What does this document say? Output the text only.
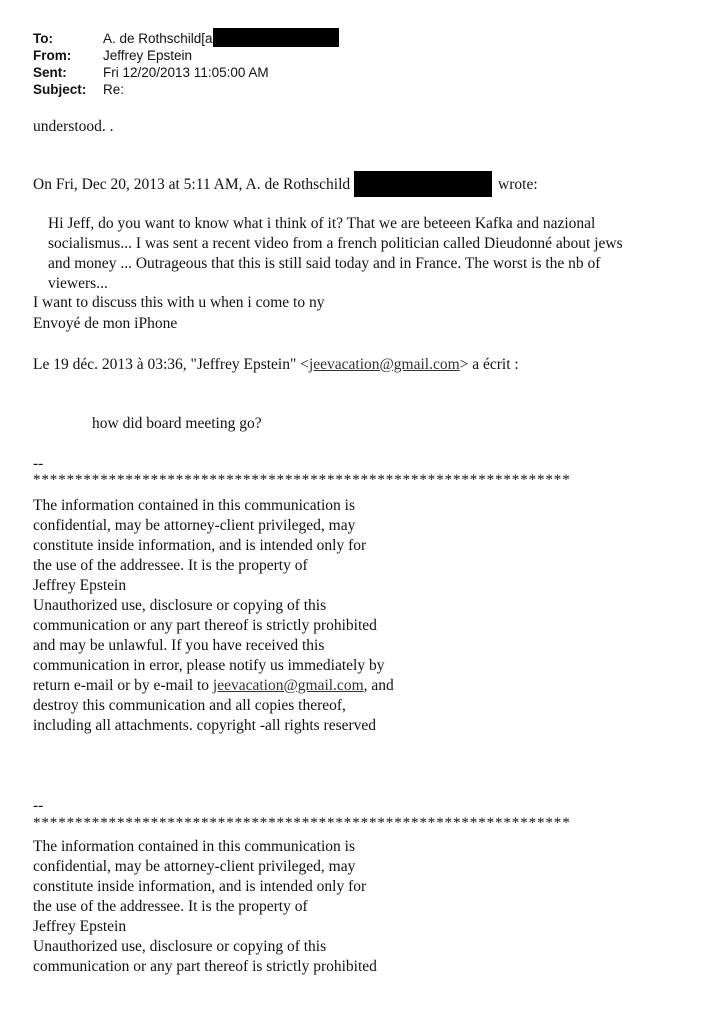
To:	A. de Rothschild[a
From: Jeffrey Epstein
Sent:	Fri 12/20/2013 11:05:00 AM
Subject: Re:
understood. .
On Fri, Dec 20, 2013 at 5:11 AM, A. de Rothschild	wrote:
Hi Jeff, do you want to know what i think of it? That we are beteeen Kafka and nazional
socialismus... I was sent a recent video from a french politician called Dieudonné about jews
and money ... Outrageous that this is still said today and in France. The worst is the nb of
viewers...
I want to discuss this with u when i come to ny
Envoyé de mon iPhone
Le 19 déc. 2013 à 03:36, "Jeffrey Epstein" <jeevacation@gmail.com> a écrit :
how did board meeting go?
--
****************************************************************
The information contained in this communication is
confidential, may be attorney-client privileged, may
constitute inside information, and is intended only for
the use of the addressee. It is the property of
Jeffrey Epstein
Unauthorized use, disclosure or copying of this
communication or any part thereof is strictly prohibited
and may be unlawful. If you have received this
communication in error, please notify us immediately by
return e-mail or by e-mail to jeevacation@gmail.com, and
destroy this communication and all copies thereof,
including all attachments. copyright -all rights reserved
--
****************************************************************
The information contained in this communication is
confidential, may be attorney-client privileged, may
constitute inside information, and is intended only for
the use of the addressee. It is the property of
Jeffrey Epstein
Unauthorized use, disclosure or copying of this
communication or any part thereof is strictly prohibited
